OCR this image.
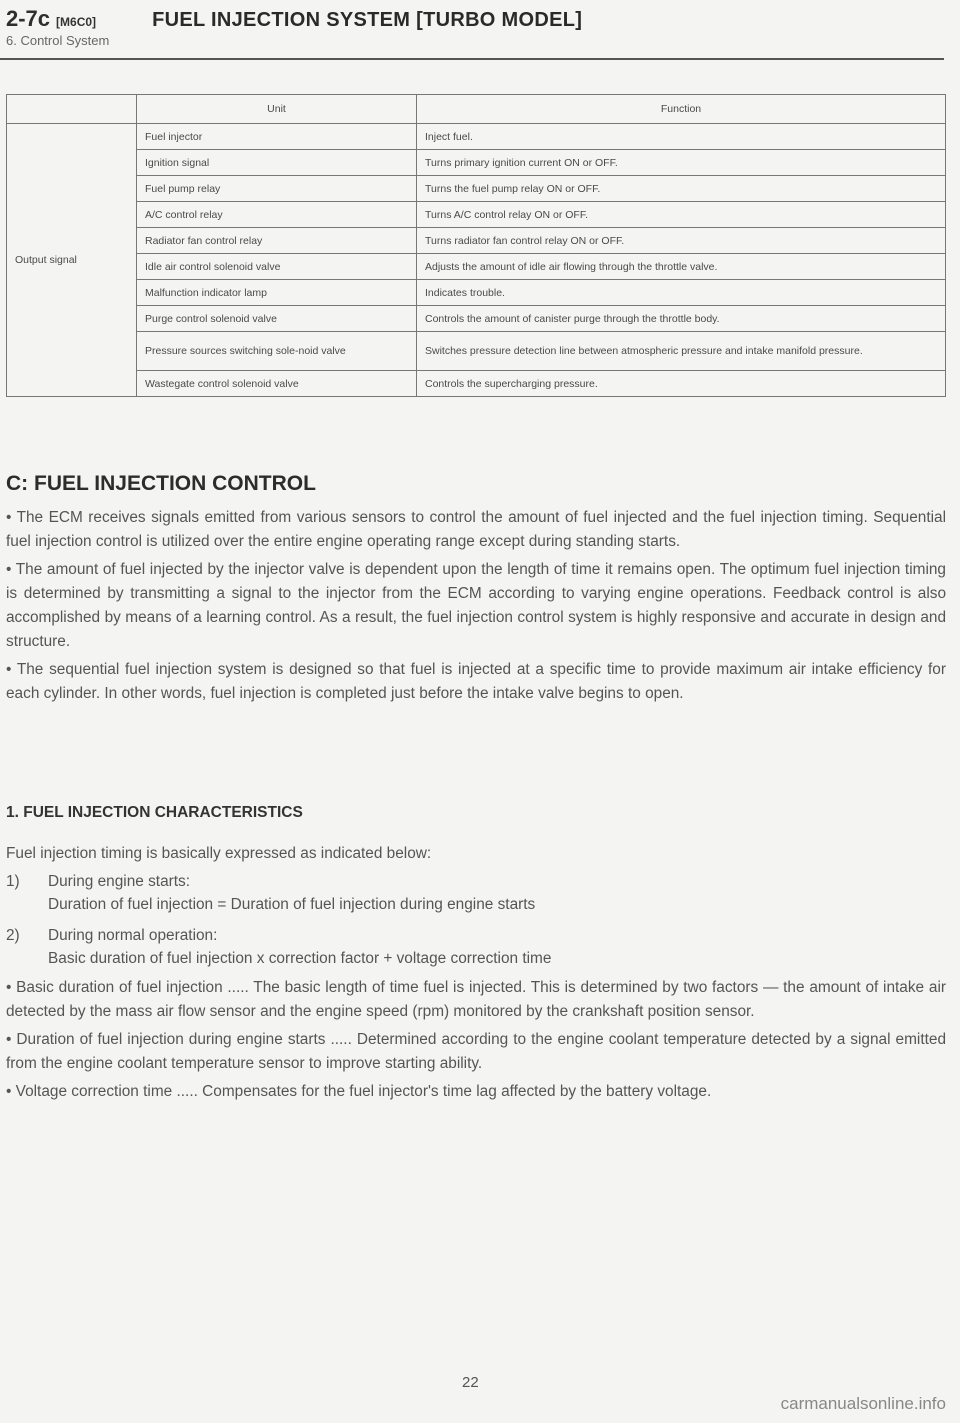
2-7c [M6C0]	FUEL INJECTION SYSTEM [TURBO MODEL]
6. Control System
	Unit	Function
Output signal	Fuel injector	Inject fuel.
	Ignition signal	Turns primary ignition current ON or OFF.
	Fuel pump relay	Turns the fuel pump relay ON or OFF.
	A/C control relay	Turns A/C control relay ON or OFF.
	Radiator fan control relay	Turns radiator fan control relay ON or OFF.
	Idle air control solenoid valve	Adjusts the amount of idle air flowing through the throttle valve.
	Malfunction indicator lamp	Indicates trouble.
	Purge control solenoid valve	Controls the amount of canister purge through the throttle body.
	Pressure sources switching sole-noid valve	Switches pressure detection line between atmospheric pressure and intake manifold pressure.
	Wastegate control solenoid valve	Controls the supercharging pressure.
C: FUEL INJECTION CONTROL

• The ECM receives signals emitted from various sensors to control the amount of fuel injected and the fuel injection timing. Sequential fuel injection control is utilized over the entire engine operating range except during standing starts.

• The amount of fuel injected by the injector valve is dependent upon the length of time it remains open. The optimum fuel injection timing is determined by transmitting a signal to the injector from the ECM according to varying engine operations. Feedback control is also accomplished by means of a learning control. As a result, the fuel injection control system is highly responsive and accurate in design and structure.

• The sequential fuel injection system is designed so that fuel is injected at a specific time to provide maximum air intake efficiency for each cylinder. In other words, fuel injection is completed just before the intake valve begins to open.

1. FUEL INJECTION CHARACTERISTICS
Fuel injection timing is basically expressed as indicated below:
1) During engine starts:
Duration of fuel injection = Duration of fuel injection during engine starts
2) During normal operation:
Basic duration of fuel injection x correction factor + voltage correction time

• Basic duration of fuel injection ..... The basic length of time fuel is injected. This is determined by two factors — the amount of intake air detected by the mass air flow sensor and the engine speed (rpm) monitored by the crankshaft position sensor.

• Duration of fuel injection during engine starts ..... Determined according to the engine coolant temperature detected by a signal emitted from the engine coolant temperature sensor to improve starting ability.

• Voltage correction time ..... Compensates for the fuel injector's time lag affected by the battery voltage.

22
carmanualsonline.info
